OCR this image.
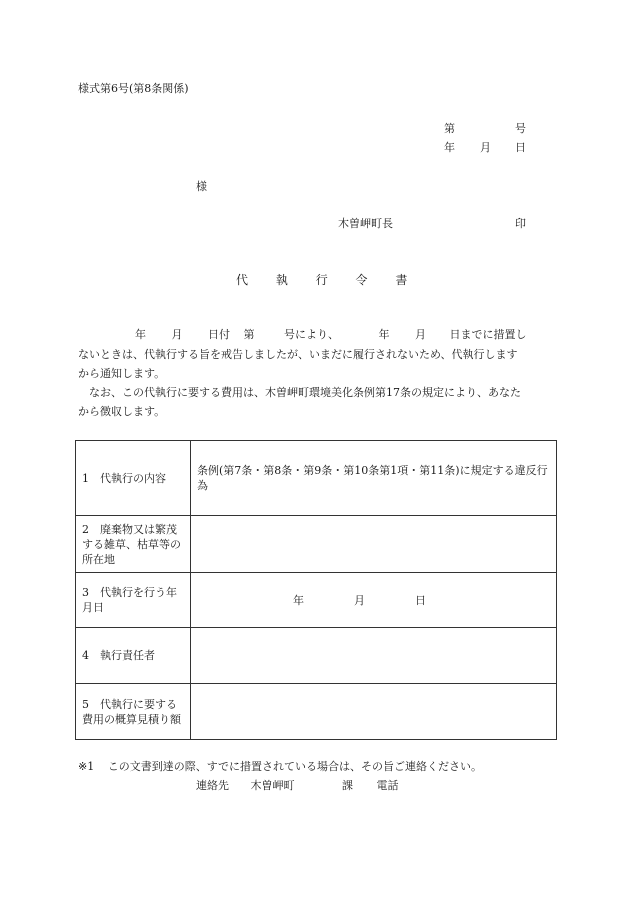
様式第6号(第8条関係)
第	号
年 月 日
様
木曽岬町長	印
代 執 行 令 書
年 月 日付 第	号により、	年 月 日までに措置し
ないときは、代執行する旨を戒告しましたが、いまだに履行されないため、代執行します
から通知します。
なお、この代執行に要する費用は、木曽岬町環境美化条例第17条の規定により、あなた
から徴収します。
1　代執行の内容	条例(第7条・第8条・第9条・第10条第1項・第11条)に規定する違反行為
2　廃棄物又は繁茂する雑草、枯草等の所在地	
3　代執行を行う年月日	年 月 日

4　執行責任者	
5　代執行に要する費用の概算見積り額	
※1 この文書到達の際、すでに措置されている場合は、その旨ご連絡ください。
連絡先 木曽岬町	課 電話
